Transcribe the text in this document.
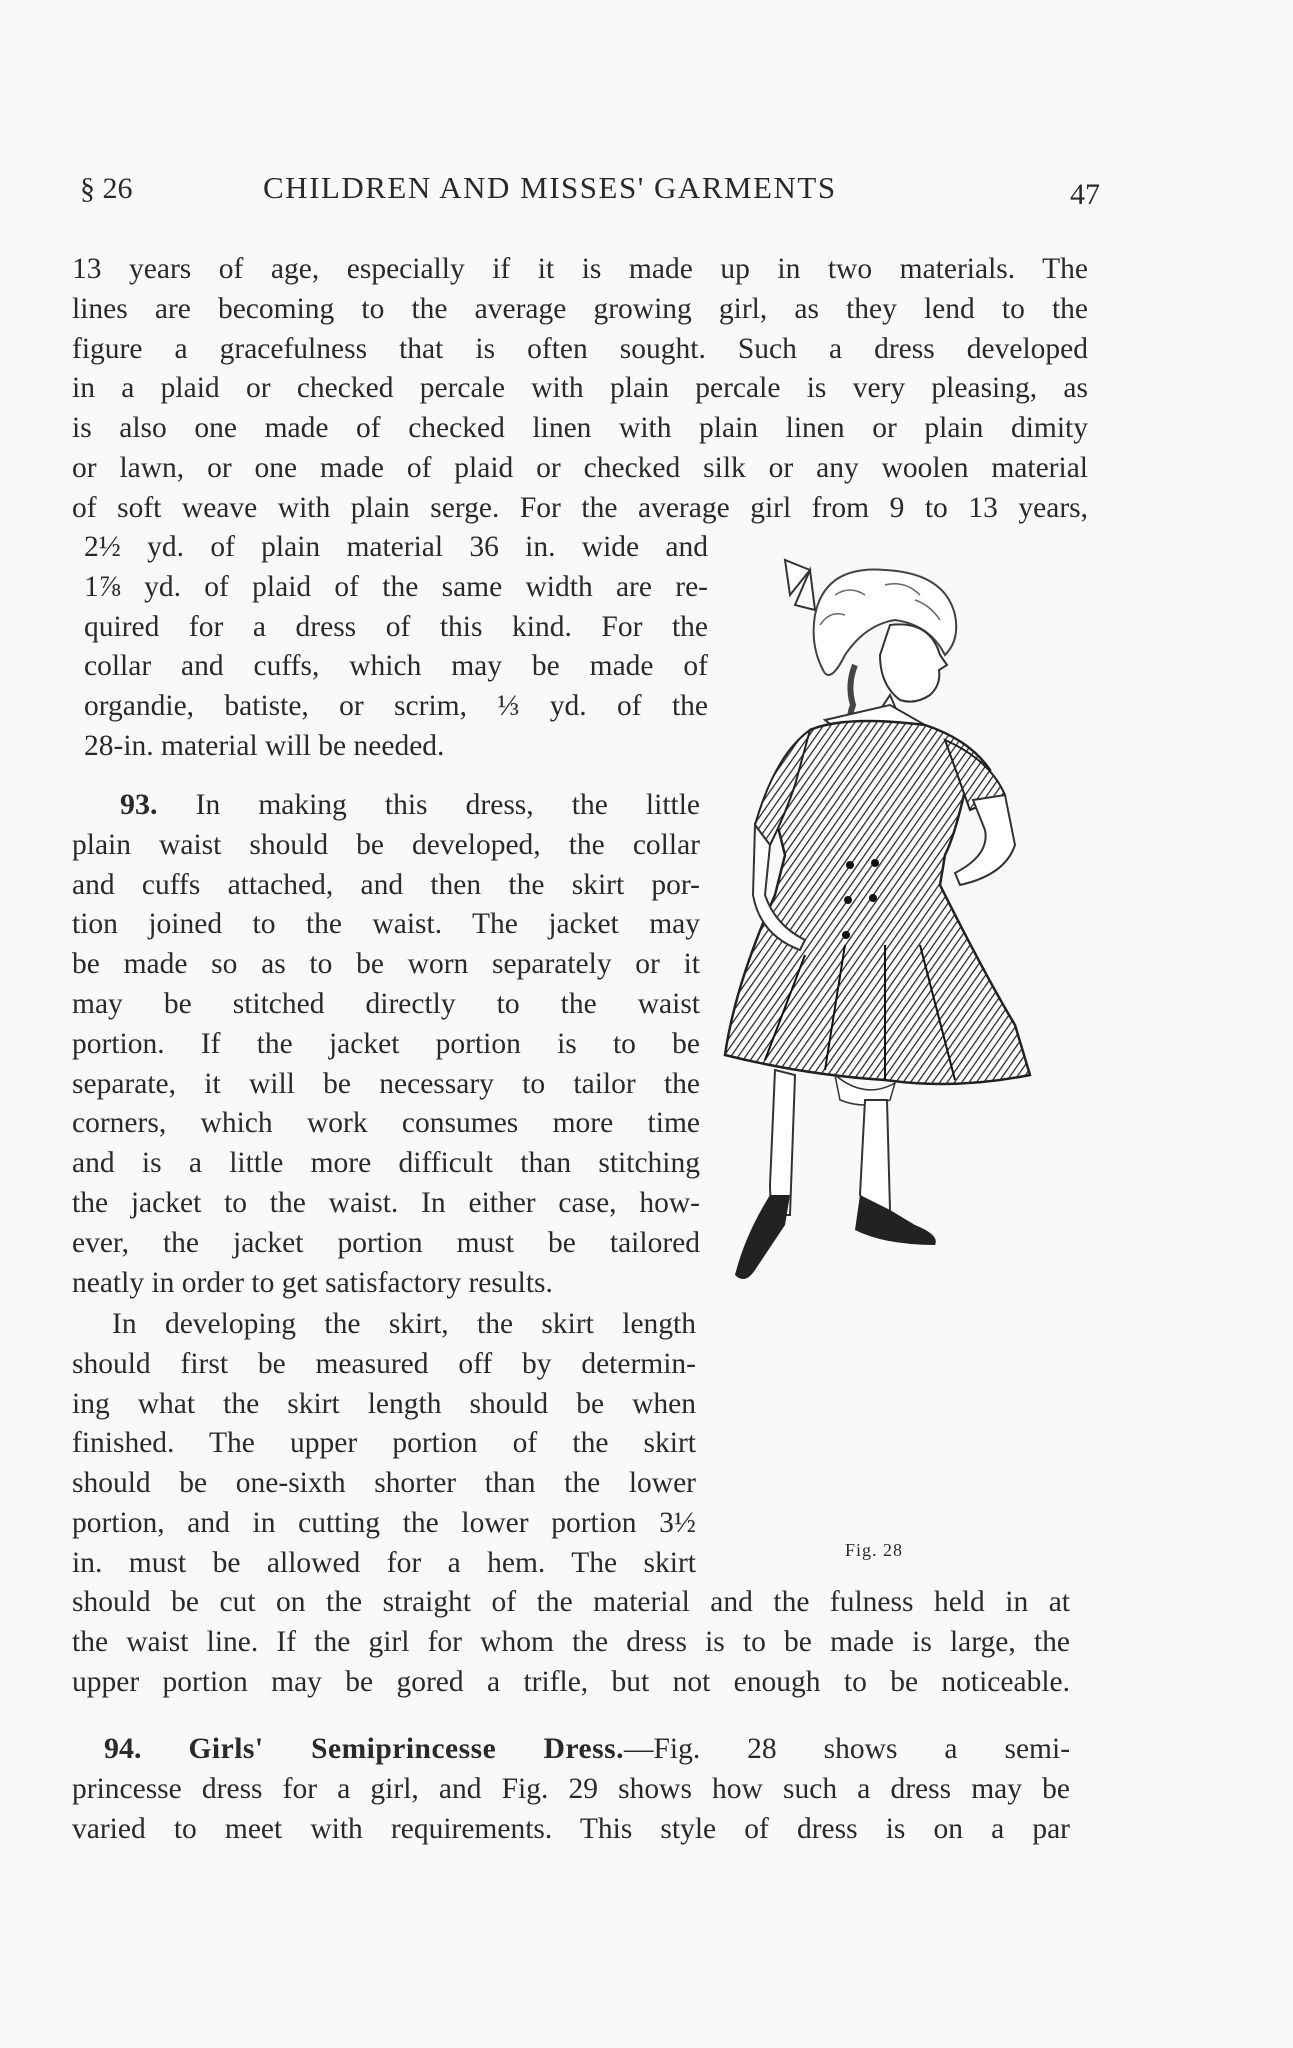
§ 26	CHILDREN AND MISSES' GARMENTS	47
13 years of age, especially if it is made up in two materials. The
lines are becoming to the average growing girl, as they lend to the
figure a gracefulness that is often sought. Such a dress developed
in a plaid or checked percale with plain percale is very pleasing, as
is also one made of checked linen with plain linen or plain dimity
or lawn, or one made of plaid or checked silk or any woolen material
of soft weave with plain serge. For the average girl from 9 to 13 years,
2½ yd. of plain material 36 in. wide and
1⅞ yd. of plaid of the same width are re-
quired for a dress of this kind. For the
collar and cuffs, which may be made of
organdie, batiste, or scrim, ⅓ yd. of the
28-in. material will be needed.
93. In making this dress, the little
plain waist should be developed, the collar
and cuffs attached, and then the skirt por-
tion joined to the waist. The jacket may
be made so as to be worn separately or it
may be stitched directly to the waist
portion. If the jacket portion is to be
separate, it will be necessary to tailor the
corners, which work consumes more time
and is a little more difficult than stitching
the jacket to the waist. In either case, how-
ever, the jacket portion must be tailored
neatly in order to get satisfactory results.
In developing the skirt, the skirt length
should first be measured off by determin-
ing what the skirt length should be when
finished. The upper portion of the skirt
should be one-sixth shorter than the lower
portion, and in cutting the lower portion 3½
in. must be allowed for a hem. The skirt
should be cut on the straight of the material and the fulness held in at
the waist line. If the girl for whom the dress is to be made is large, the
upper portion may be gored a trifle, but not enough to be noticeable.
94. Girls' Semiprincesse Dress.—Fig. 28 shows a semi-
princesse dress for a girl, and Fig. 29 shows how such a dress may be
varied to meet with requirements. This style of dress is on a par
Fig. 28
